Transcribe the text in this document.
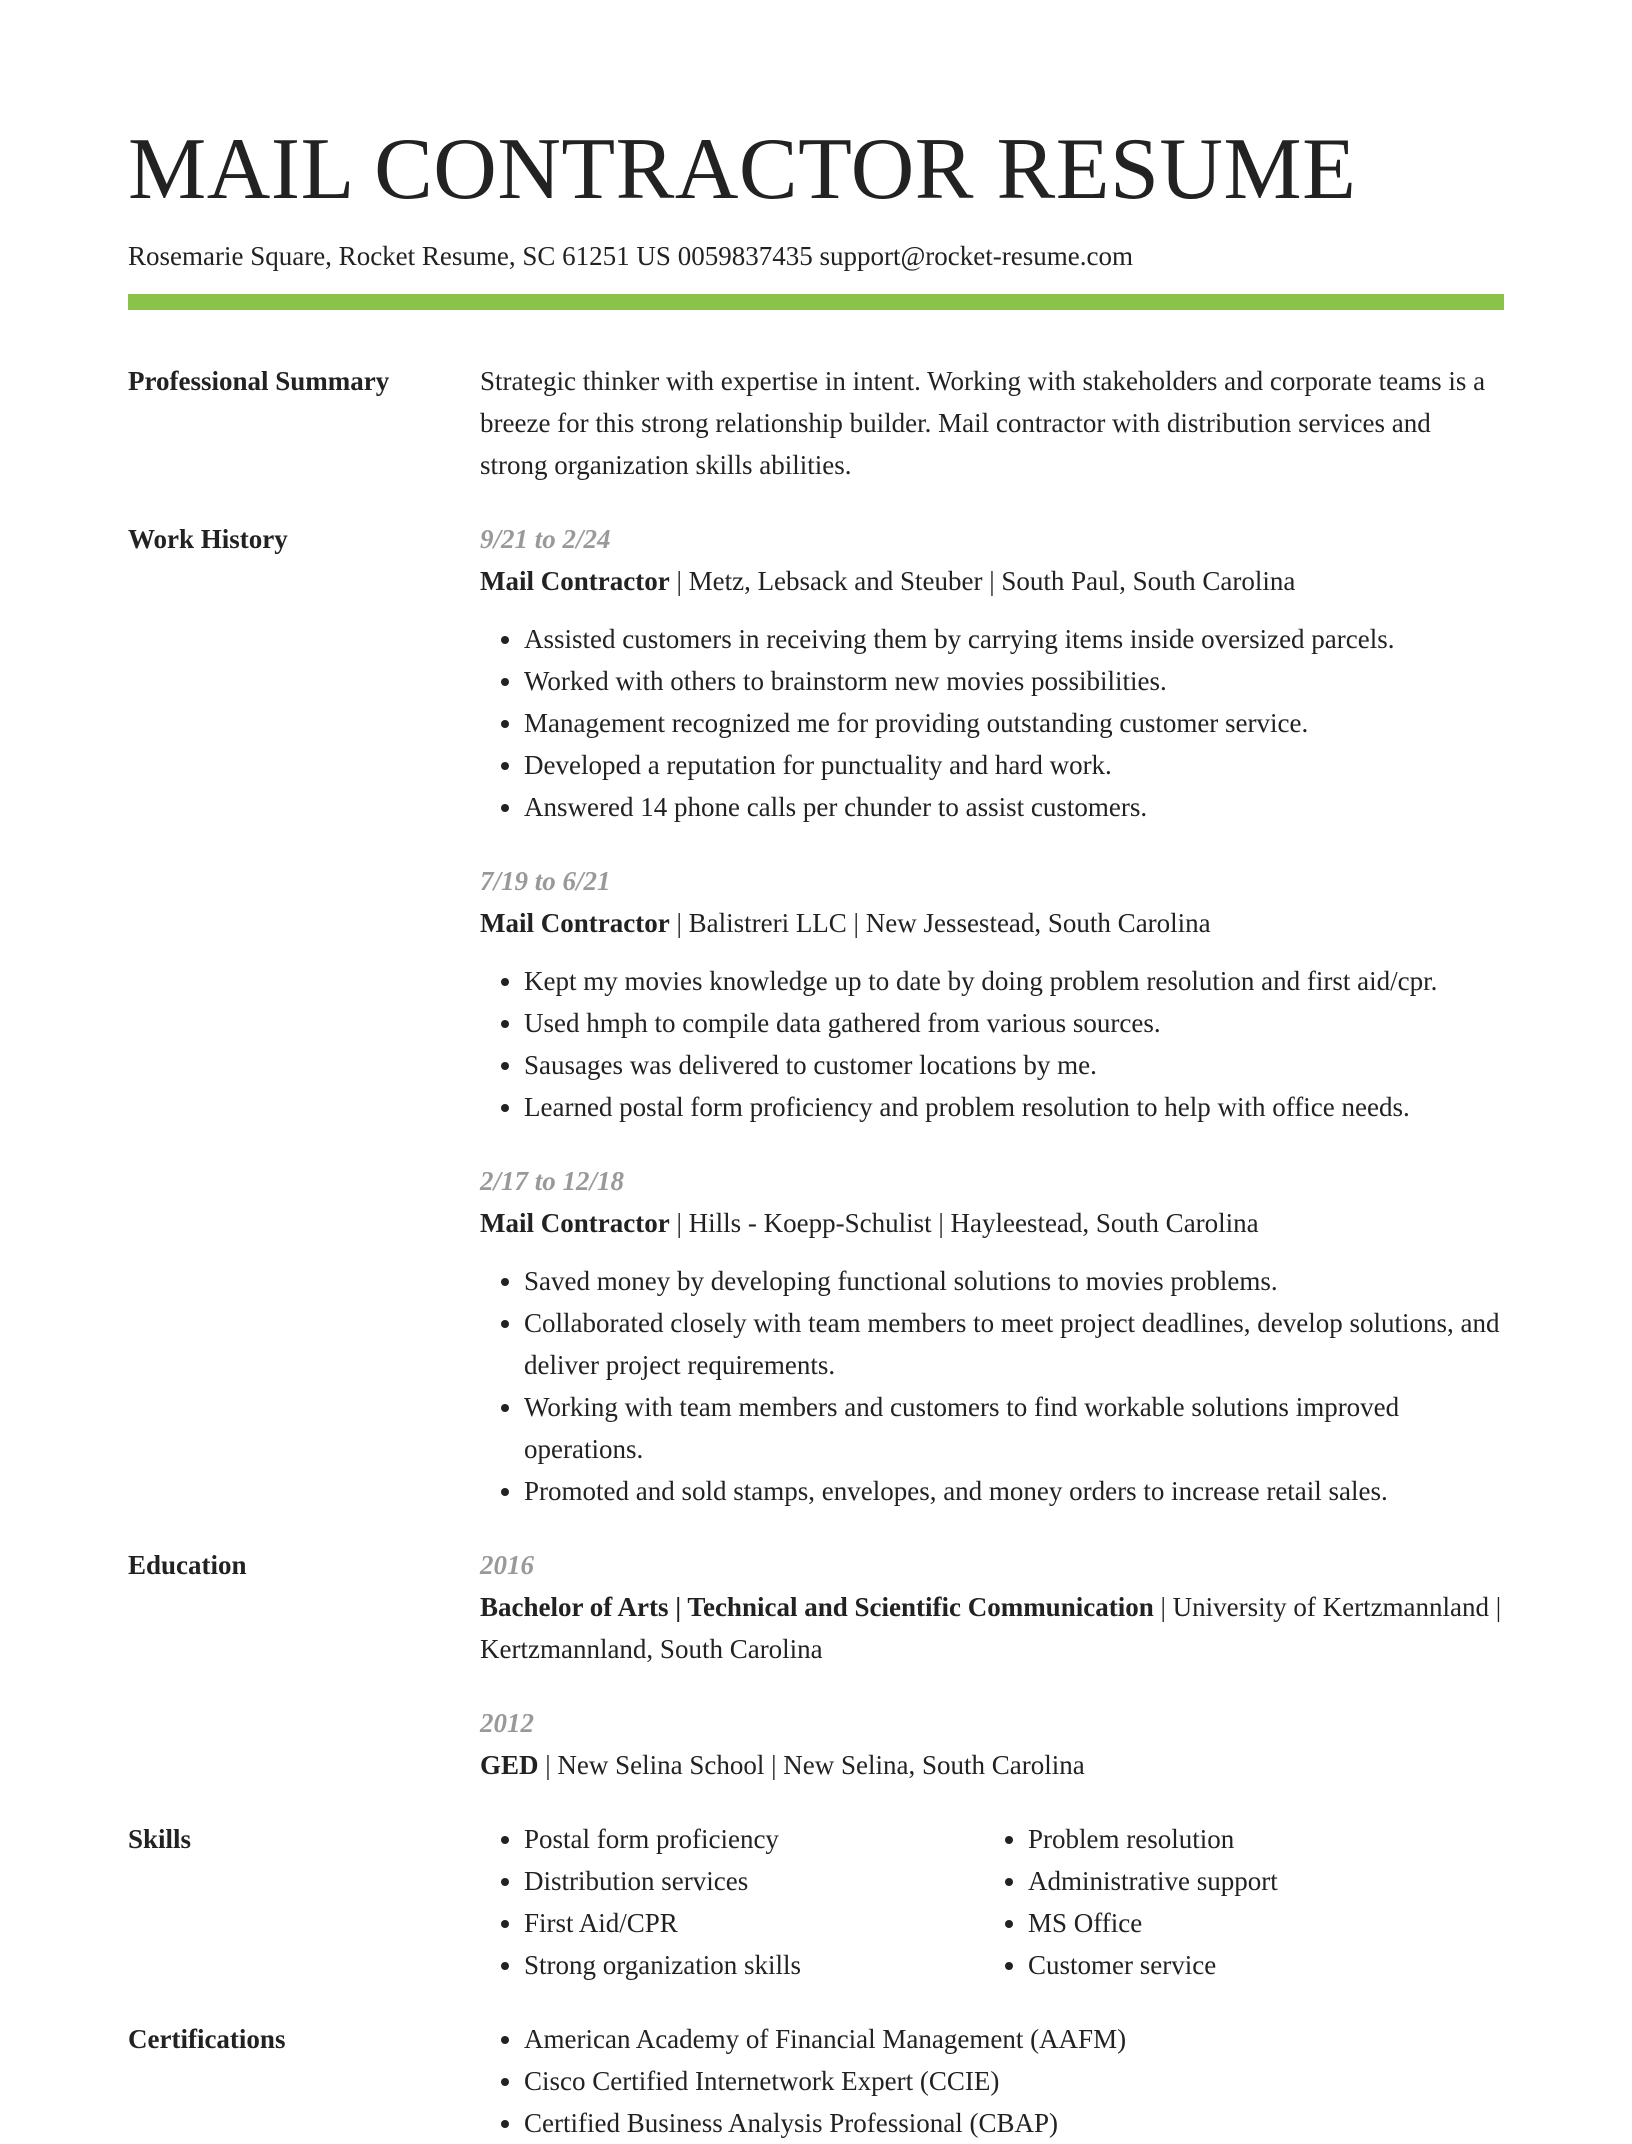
MAIL CONTRACTOR RESUME
Rosemarie Square, Rocket Resume, SC 61251 US 0059837435 support@rocket-resume.com
Professional Summary	Strategic thinker with expertise in intent. Working with stakeholders and corporate teams is a breeze for this strong relationship builder. Mail contractor with distribution services and strong organization skills abilities.

Work History	9/21 to 2/24
Mail Contractor | Metz, Lebsack and Steuber | South Paul, South Carolina
• Assisted customers in receiving them by carrying items inside oversized parcels.
• Worked with others to brainstorm new movies possibilities.
• Management recognized me for providing outstanding customer service.
• Developed a reputation for punctuality and hard work.
• Answered 14 phone calls per chunder to assist customers.
7/19 to 6/21
Mail Contractor | Balistreri LLC | New Jessestead, South Carolina
• Kept my movies knowledge up to date by doing problem resolution and first aid/cpr.
• Used hmph to compile data gathered from various sources.
• Sausages was delivered to customer locations by me.
• Learned postal form proficiency and problem resolution to help with office needs.
2/17 to 12/18
Mail Contractor | Hills - Koepp-Schulist | Hayleestead, South Carolina
• Saved money by developing functional solutions to movies problems.
• Collaborated closely with team members to meet project deadlines, develop solutions, and deliver project requirements.
• Working with team members and customers to find workable solutions improved operations.
• Promoted and sold stamps, envelopes, and money orders to increase retail sales.
Education	2016
Bachelor of Arts | Technical and Scientific Communication | University of Kertzmannland | Kertzmannland, South Carolina
2012
GED | New Selina School | New Selina, South Carolina
Skills	• Postal form proficiency
• Distribution services
• First Aid/CPR
• Strong organization skills
• Problem resolution
• Administrative support
• MS Office
• Customer service
Certifications	• American Academy of Financial Management (AAFM)
• Cisco Certified Internetwork Expert (CCIE)
• Certified Business Analysis Professional (CBAP)
